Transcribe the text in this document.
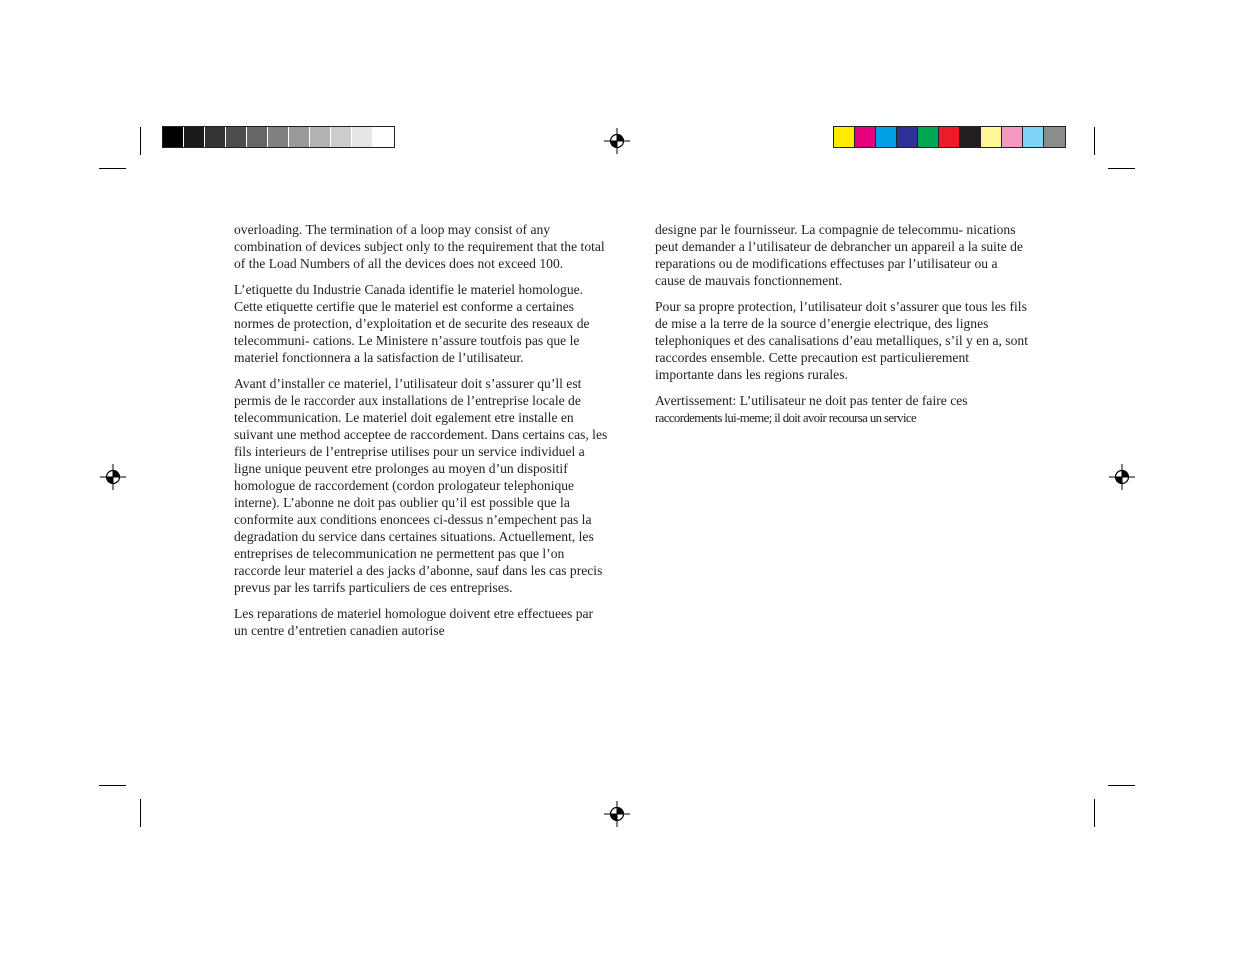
overloading. The termination of a loop may consist of any combination of devices subject only to the requirement that the total of the Load Numbers of all the devices does not exceed 100.

L’etiquette du Industrie Canada identifie le materiel homologue. Cette etiquette certifie que le materiel est conforme a certaines normes de protection, d’exploitation et de securite des reseaux de telecommuni- cations. Le Ministere n’assure toutfois pas que le materiel fonctionnera a la satisfaction de l’utilisateur.

Avant d’installer ce materiel, l’utilisateur doit s’assurer qu’ll est permis de le raccorder aux installations de l’entreprise locale de telecommunication. Le materiel doit egalement etre installe en suivant une method acceptee de raccordement. Dans certains cas, les fils interieurs de l’entreprise utilises pour un service individuel a ligne unique peuvent etre prolonges au moyen d’un dispositif homologue de raccordement (cordon prologateur telephonique interne). L’abonne ne doit pas oublier qu’il est possible que la conformite aux conditions enoncees ci-dessus n’empechent pas la degradation du service dans certaines situations. Actuellement, les entreprises de telecommunication ne permettent pas que l’on raccorde leur materiel a des jacks d’abonne, sauf dans les cas precis prevus par les tarrifs particuliers de ces entreprises.

Les reparations de materiel homologue doivent etre effectuees par un centre d’entretien canadien autorise

designe par le fournisseur. La compagnie de telecommu- nications peut demander a l’utilisateur de debrancher un appareil a la suite de reparations ou de modifications effectuses par l’utilisateur ou a cause de mauvais fonctionnement.

Pour sa propre protection, l’utilisateur doit s’assurer que tous les fils de mise a la terre de la source d’energie electrique, des lignes telephoniques et des canalisations d’eau metalliques, s’il y en a, sont raccordes ensemble. Cette precaution est particulierement importante dans les regions rurales.

Avertissement: L’utilisateur ne doit pas tenter de faire ces
raccordements lui-meme; il doit avoir recoursa un service
